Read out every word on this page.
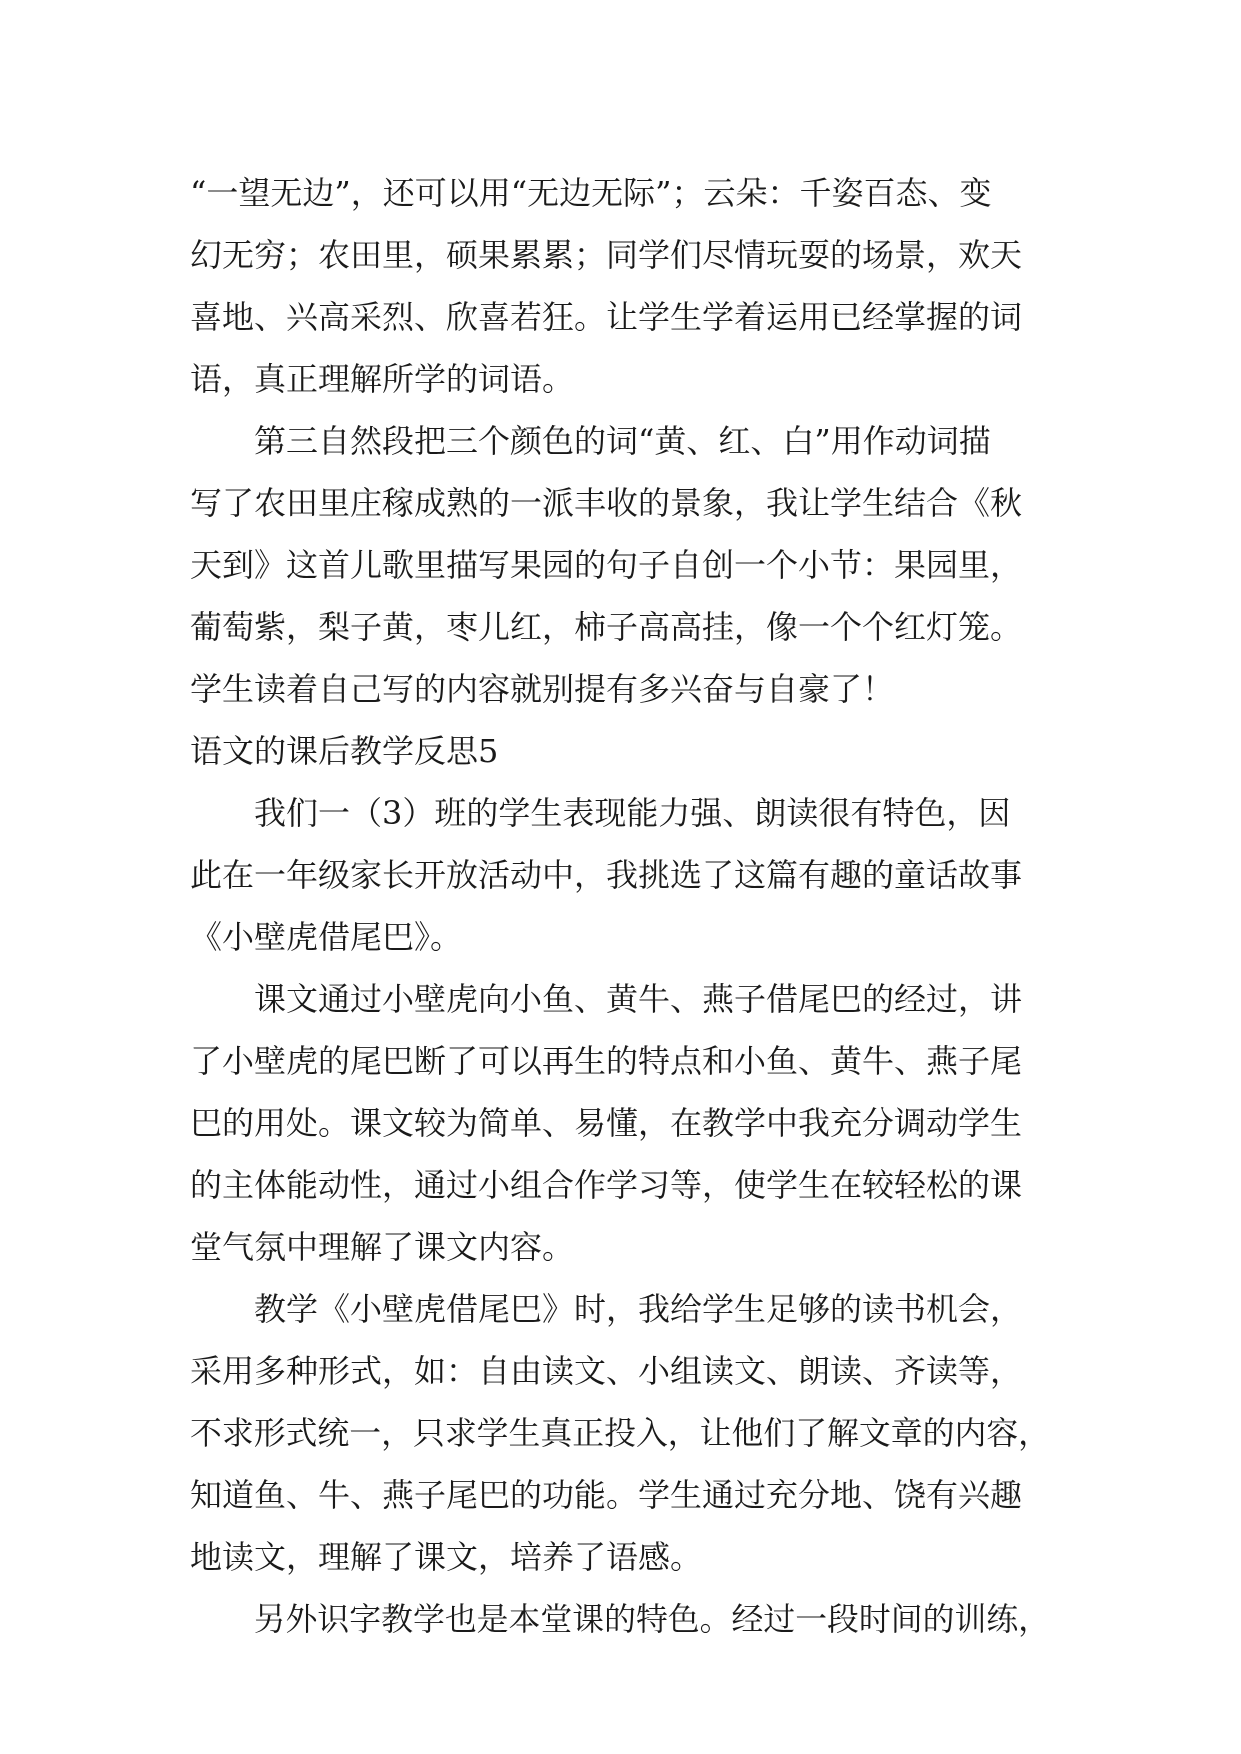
“一望无边”，还可以用“无边无际”；云朵：千姿百态、变
幻无穷；农田里，硕果累累；同学们尽情玩耍的场景，欢天
喜地、兴高采烈、欣喜若狂。让学生学着运用已经掌握的词
语，真正理解所学的词语。
　　第三自然段把三个颜色的词“黄、红、白”用作动词描
写了农田里庄稼成熟的一派丰收的景象，我让学生结合《秋
天到》这首儿歌里描写果园的句子自创一个小节：果园里，
葡萄紫，梨子黄，枣儿红，柿子高高挂，像一个个红灯笼。
学生读着自己写的内容就别提有多兴奋与自豪了！
语文的课后教学反思5
　　我们一（3）班的学生表现能力强、朗读很有特色，因
此在一年级家长开放活动中，我挑选了这篇有趣的童话故事
《小壁虎借尾巴》。
　　课文通过小壁虎向小鱼、黄牛、燕子借尾巴的经过，讲
了小壁虎的尾巴断了可以再生的特点和小鱼、黄牛、燕子尾
巴的用处。课文较为简单、易懂，在教学中我充分调动学生
的主体能动性，通过小组合作学习等，使学生在较轻松的课
堂气氛中理解了课文内容。
　　教学《小壁虎借尾巴》时，我给学生足够的读书机会，
采用多种形式，如：自由读文、小组读文、朗读、齐读等，
不求形式统一，只求学生真正投入，让他们了解文章的内容，
知道鱼、牛、燕子尾巴的功能。学生通过充分地、饶有兴趣
地读文，理解了课文，培养了语感。
　　另外识字教学也是本堂课的特色。经过一段时间的训练，
